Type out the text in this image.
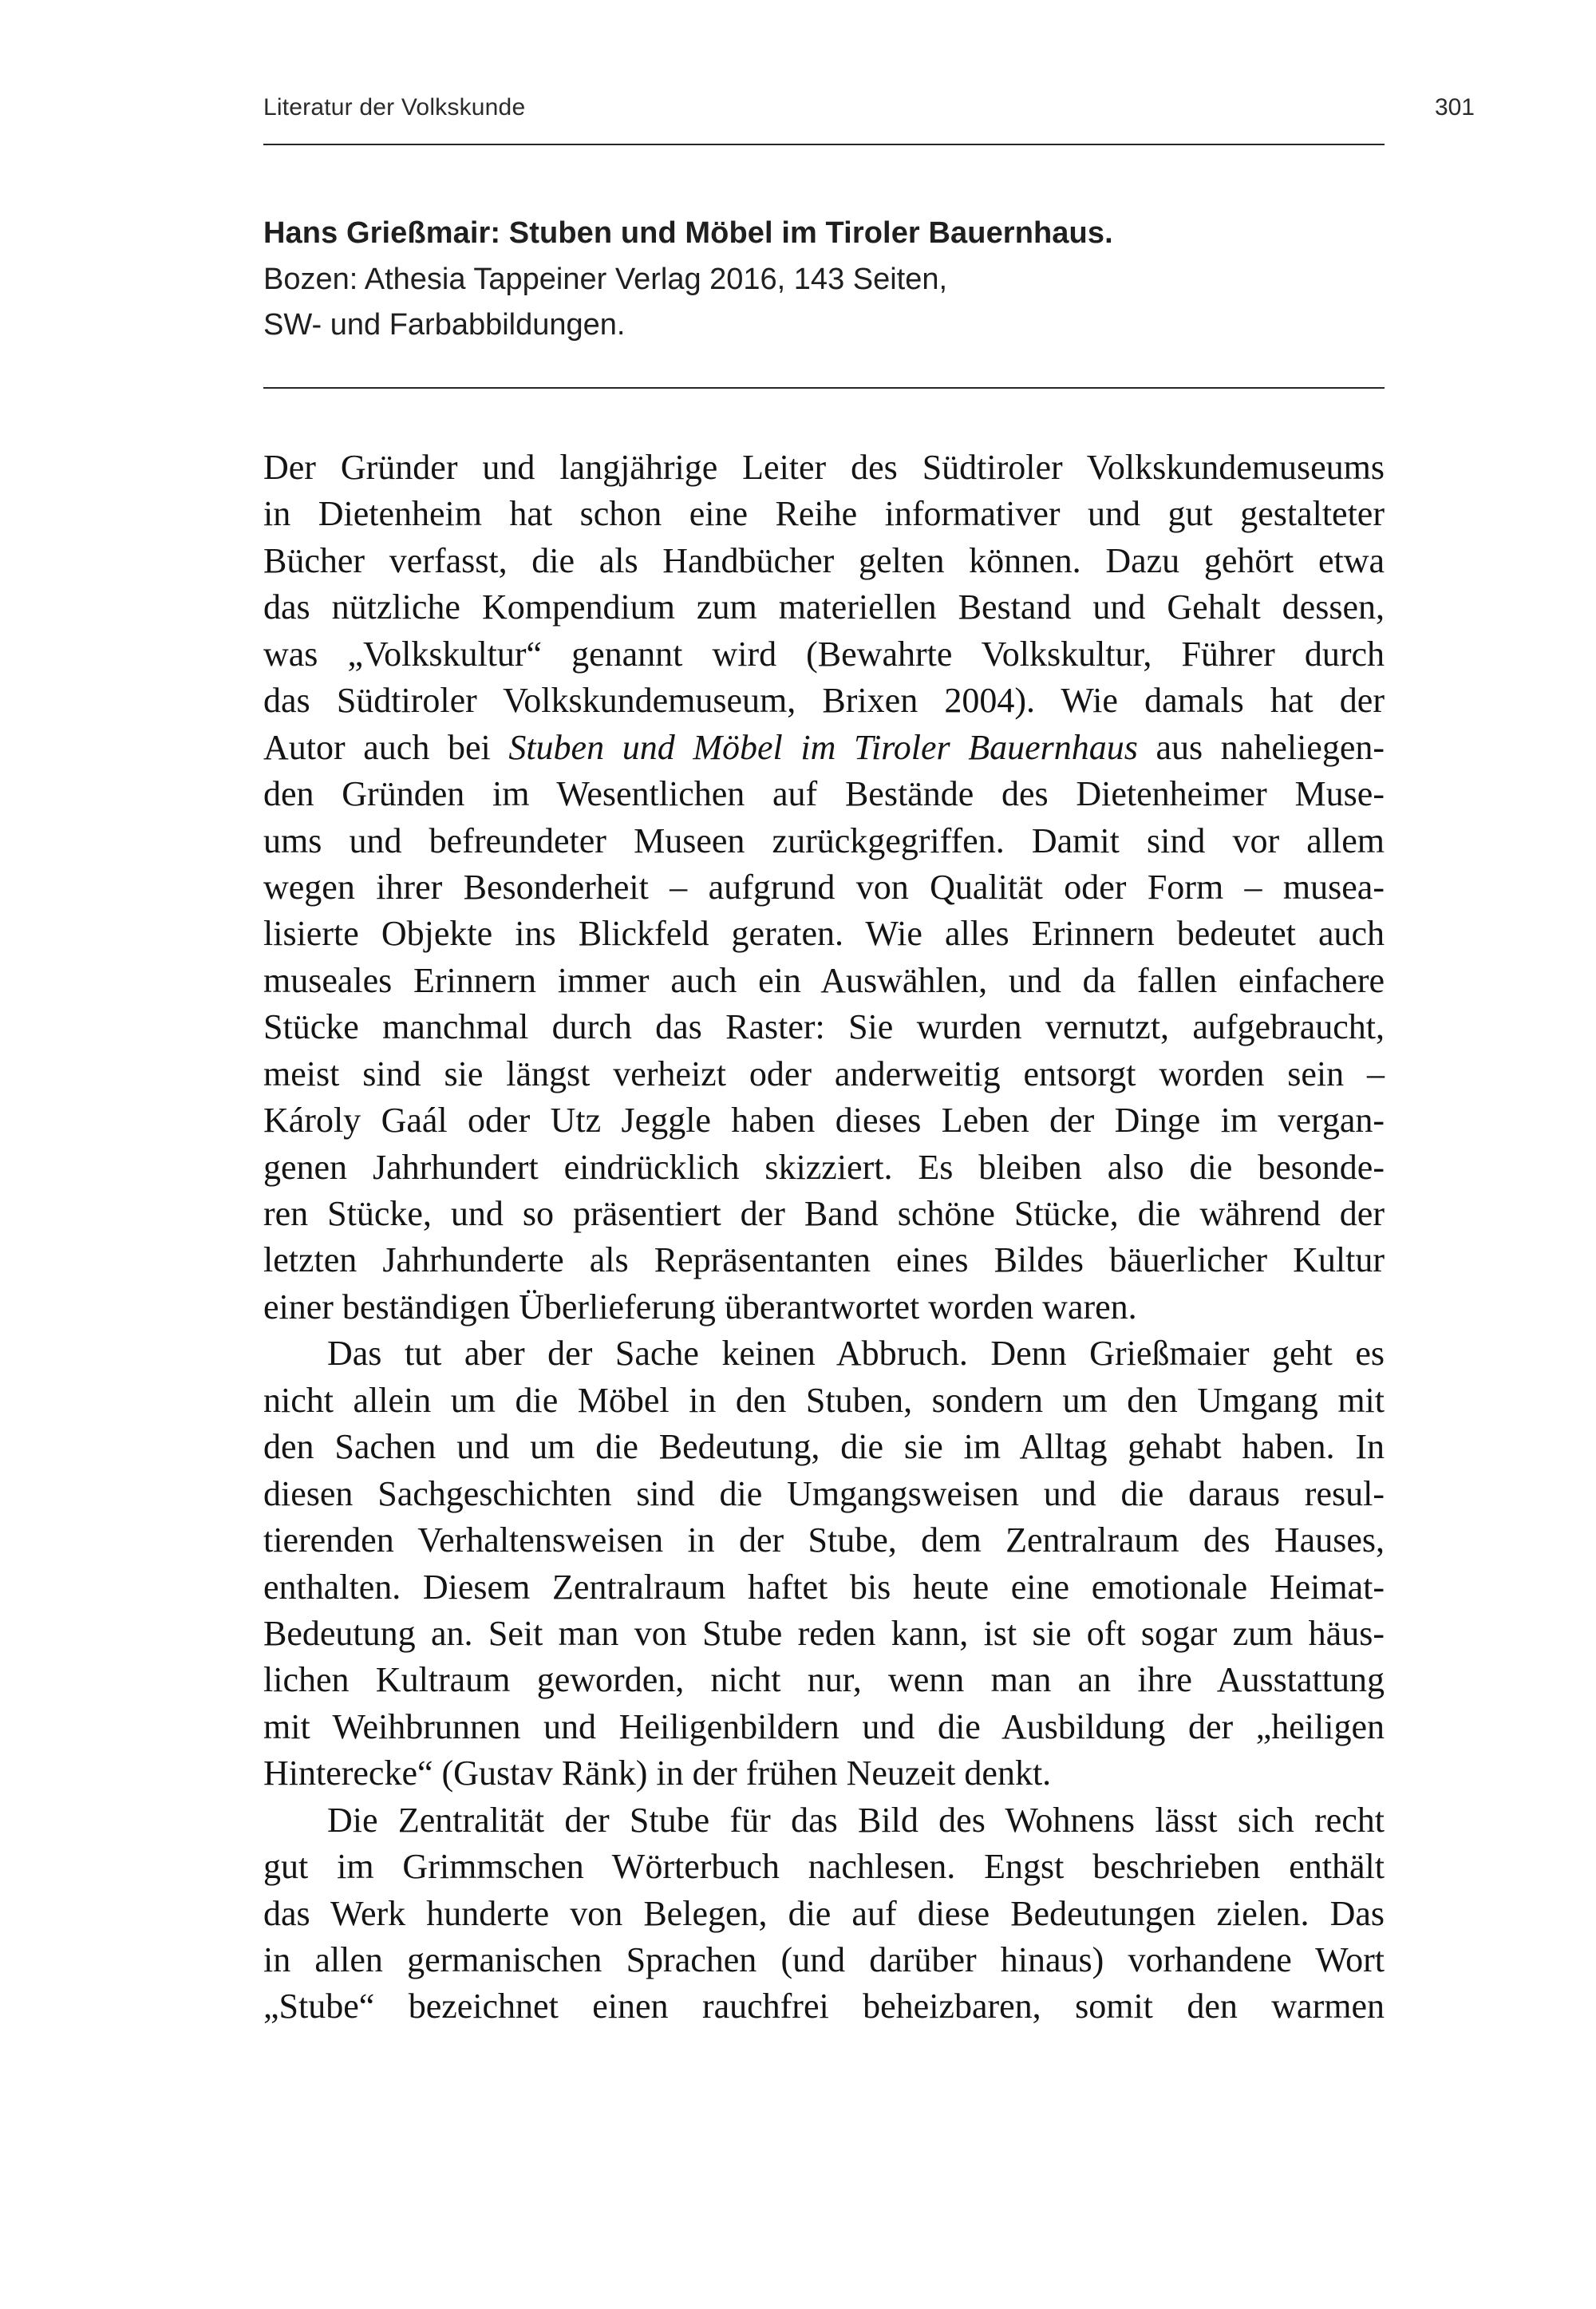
Literatur der Volkskunde	301
Hans Grießmair: Stuben und Möbel im Tiroler Bauernhaus.
Bozen: Athesia Tappeiner Verlag 2016, 143 Seiten,
SW- und Farbabbildungen.
Der Gründer und langjährige Leiter des Südtiroler Volkskundemuseums
in Dietenheim hat schon eine Reihe informativer und gut gestalteter
Bücher verfasst, die als Handbücher gelten können. Dazu gehört etwa
das nützliche Kompendium zum materiellen Bestand und Gehalt dessen,
was „Volkskultur“ genannt wird (Bewahrte Volkskultur, Führer durch
das Südtiroler Volkskundemuseum, Brixen 2004). Wie damals hat der
Autor auch bei Stuben und Möbel im Tiroler Bauernhaus aus naheliegen-
den Gründen im Wesentlichen auf Bestände des Dietenheimer Muse-
ums und befreundeter Museen zurückgegriffen. Damit sind vor allem
wegen ihrer Besonderheit – aufgrund von Qualität oder Form – musea-
lisierte Objekte ins Blickfeld geraten. Wie alles Erinnern bedeutet auch
museales Erinnern immer auch ein Auswählen, und da fallen einfachere
Stücke manchmal durch das Raster: Sie wurden vernutzt, aufgebraucht,
meist sind sie längst verheizt oder anderweitig entsorgt worden sein –
Károly Gaál oder Utz Jeggle haben dieses Leben der Dinge im vergan-
genen Jahrhundert eindrücklich skizziert. Es bleiben also die besonde-
ren Stücke, und so präsentiert der Band schöne Stücke, die während der
letzten Jahrhunderte als Repräsentanten eines Bildes bäuerlicher Kultur
einer beständigen Überlieferung überantwortet worden waren.
Das tut aber der Sache keinen Abbruch. Denn Grießmaier geht es
nicht allein um die Möbel in den Stuben, sondern um den Umgang mit
den Sachen und um die Bedeutung, die sie im Alltag gehabt haben. In
diesen Sachgeschichten sind die Umgangsweisen und die daraus resul-
tierenden Verhaltensweisen in der Stube, dem Zentralraum des Hauses,
enthalten. Diesem Zentralraum haftet bis heute eine emotionale Heimat-
Bedeutung an. Seit man von Stube reden kann, ist sie oft sogar zum häus-
lichen Kultraum geworden, nicht nur, wenn man an ihre Ausstattung
mit Weihbrunnen und Heiligenbildern und die Ausbildung der „heiligen
Hinterecke“ (Gustav Ränk) in der frühen Neuzeit denkt.
Die Zentralität der Stube für das Bild des Wohnens lässt sich recht
gut im Grimmschen Wörterbuch nachlesen. Engst beschrieben enthält
das Werk hunderte von Belegen, die auf diese Bedeutungen zielen. Das
in allen germanischen Sprachen (und darüber hinaus) vorhandene Wort
„Stube“ bezeichnet einen rauchfrei beheizbaren, somit den warmen
